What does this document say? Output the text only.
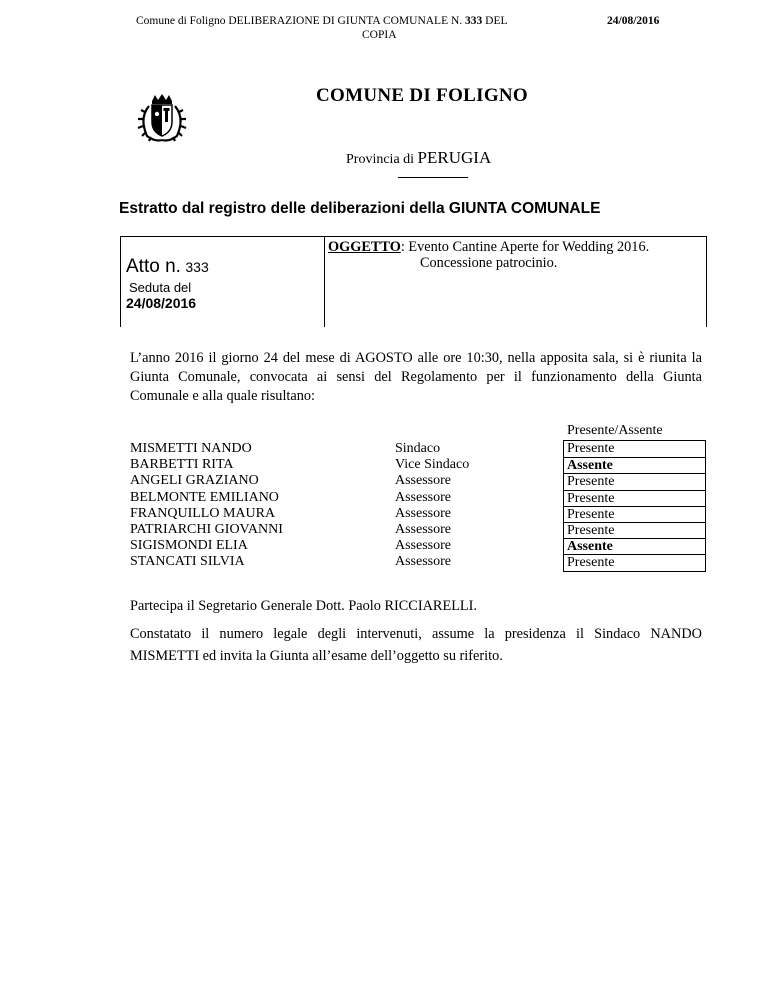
Comune di Foligno DELIBERAZIONE DI GIUNTA COMUNALE N. 333 DEL	24/08/2016
COPIA
COMUNE DI FOLIGNO
Provincia di PERUGIA
Estratto dal registro delle deliberazioni della GIUNTA COMUNALE
Atto n. 333
Seduta del
24/08/2016
OGGETTO: Evento Cantine Aperte for Wedding 2016.
Concessione patrocinio.
L’anno 2016 il giorno 24 del mese di AGOSTO alle ore 10:30, nella apposita sala, si è riunita la Giunta Comunale, convocata ai sensi del Regolamento per il funzionamento della Giunta Comunale e alla quale risultano:
Presente/Assente
MISMETTI NANDO
BARBETTI RITA
ANGELI GRAZIANO
BELMONTE EMILIANO
FRANQUILLO MAURA
PATRIARCHI GIOVANNI
SIGISMONDI ELIA
STANCATI SILVIA
Sindaco
Vice Sindaco
Assessore
Assessore
Assessore
Assessore
Assessore
Assessore
Presente
Assente
Presente
Presente
Presente
Presente
Assente
Presente
Partecipa il Segretario Generale Dott. Paolo RICCIARELLI.
Constatato il numero legale degli intervenuti, assume la presidenza il Sindaco NANDO MISMETTI ed invita la Giunta all’esame dell’oggetto su riferito.
